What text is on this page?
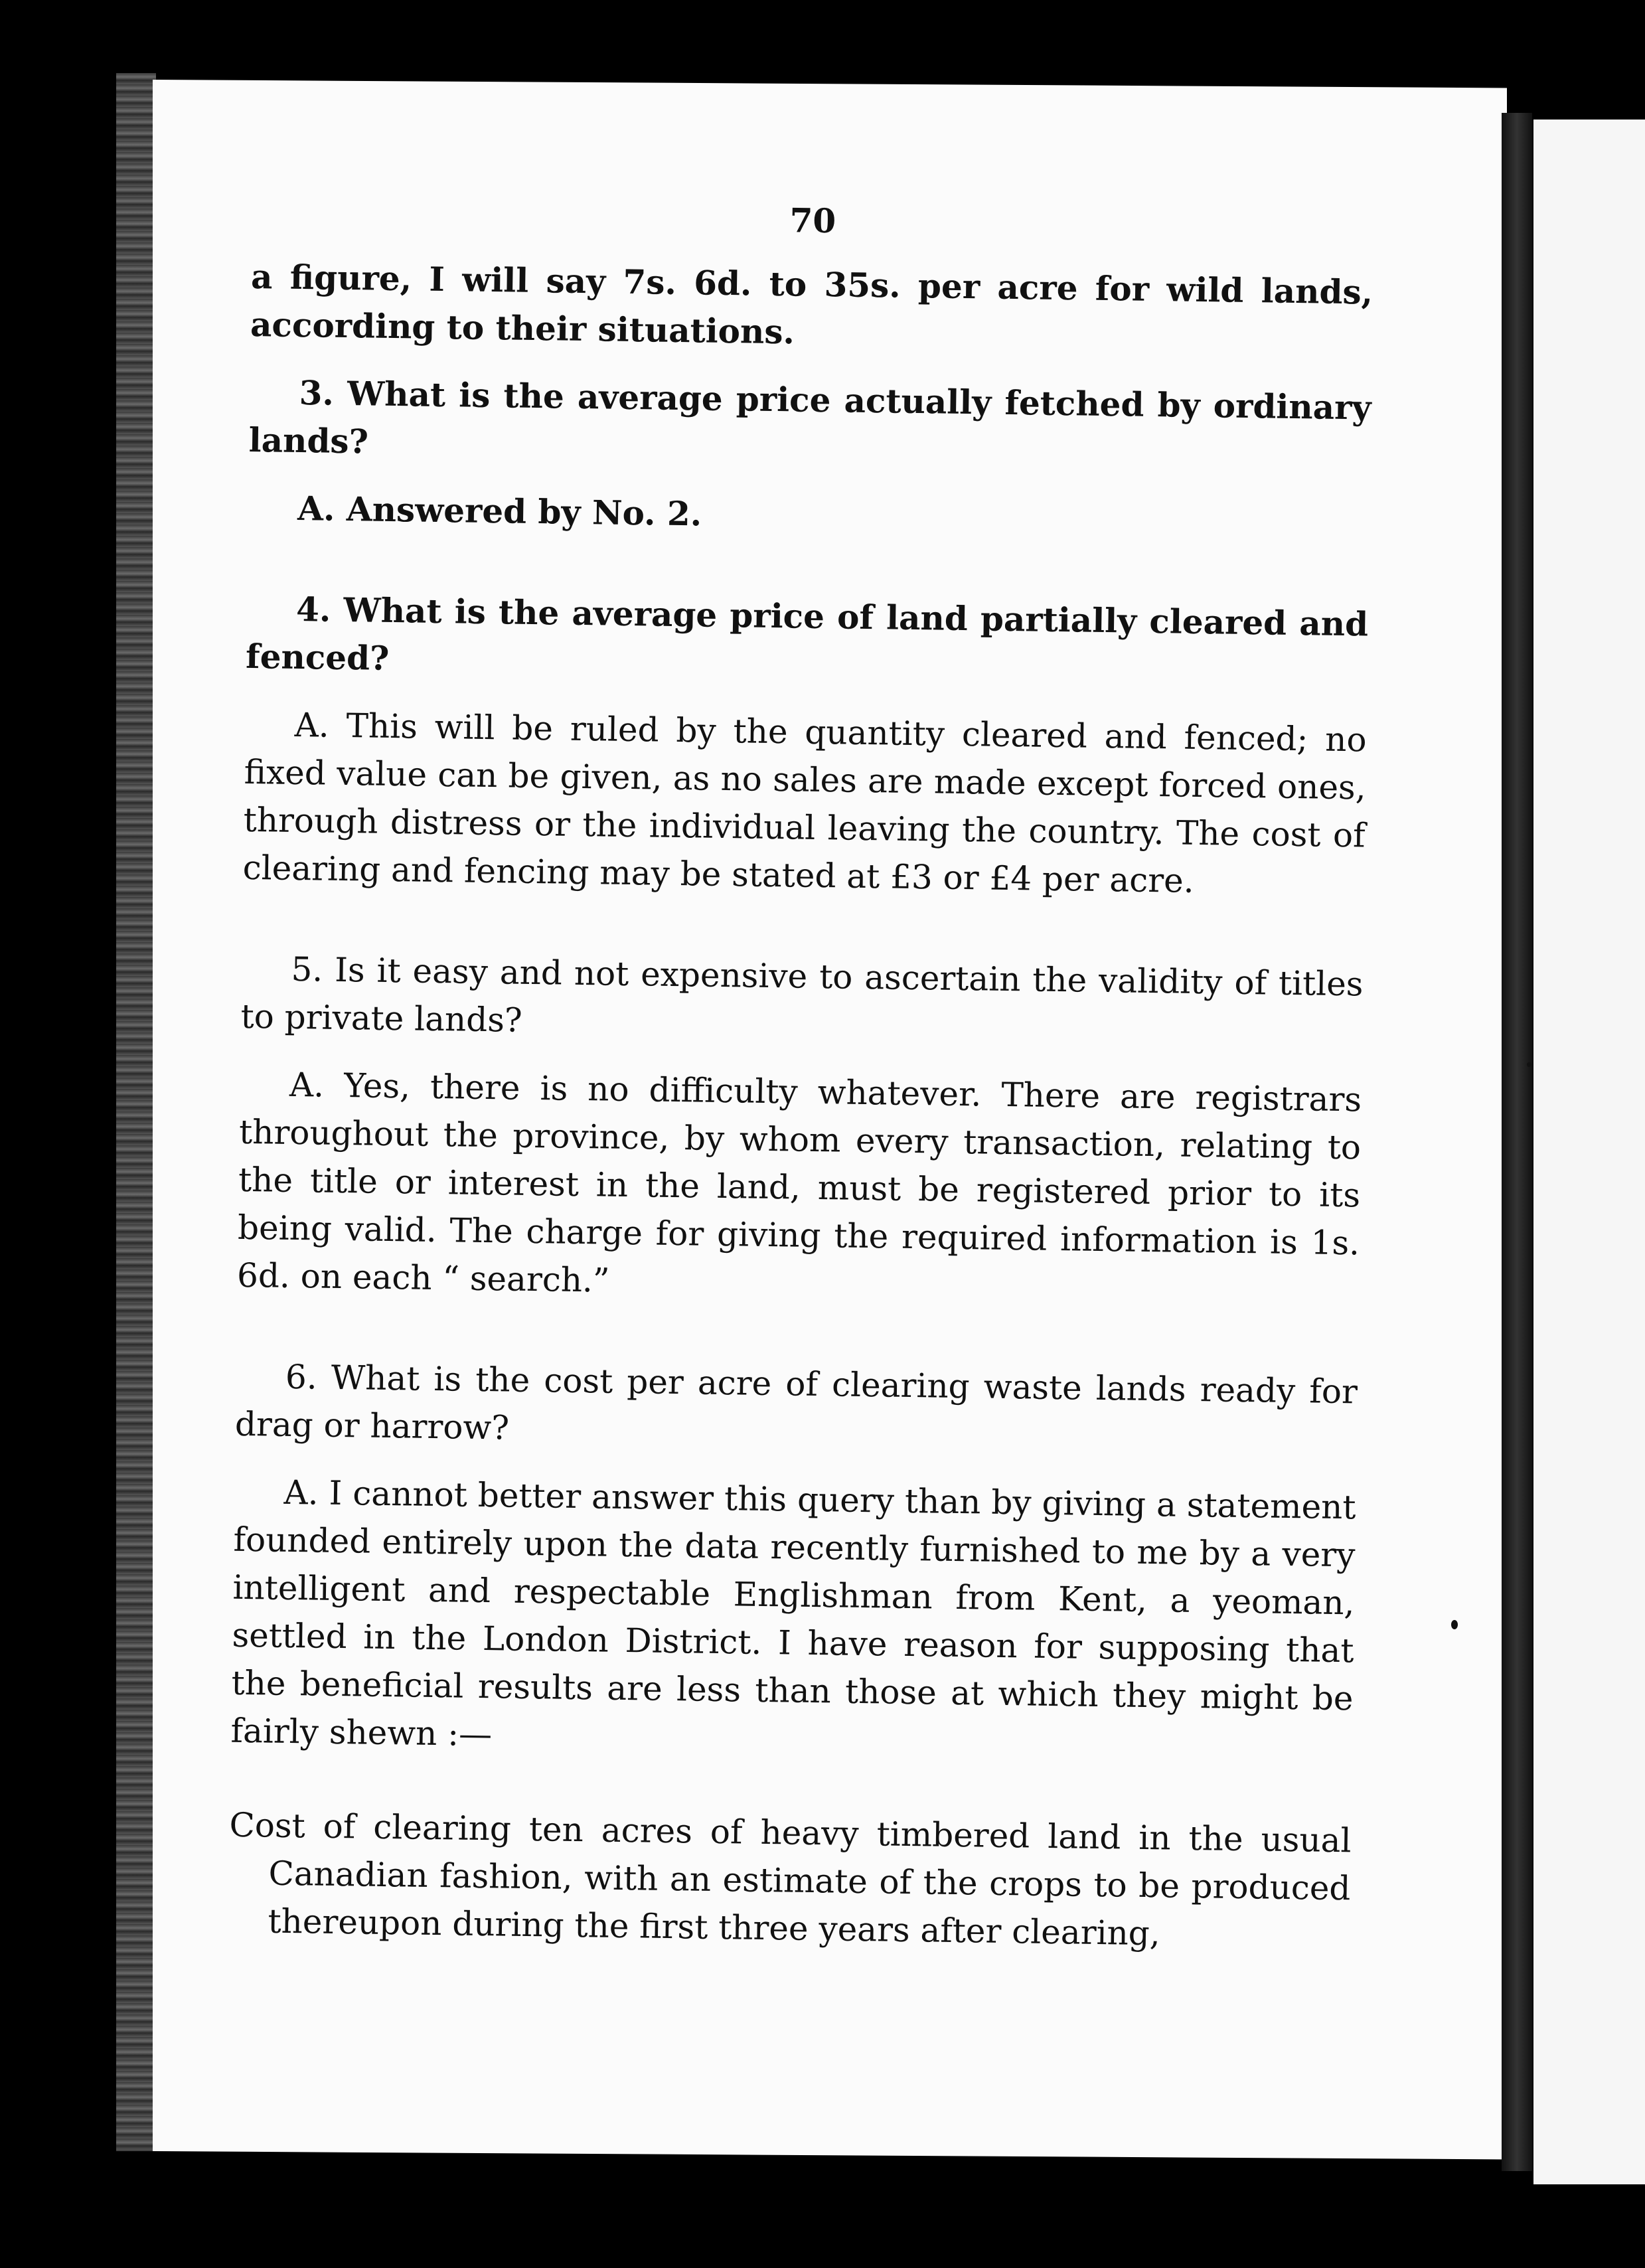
70

a figure, I will say 7s. 6d. to 35s. per acre for wild lands, according to their situations.

3. What is the average price actually fetched by ordinary lands?

A. Answered by No. 2.

4. What is the average price of land partially cleared and fenced?

A. This will be ruled by the quantity cleared and fenced; no fixed value can be given, as no sales are made except forced ones, through distress or the individual leaving the country. The cost of clearing and fencing may be stated at £3 or £4 per acre.

5. Is it easy and not expensive to ascertain the validity of titles to private lands?

A. Yes, there is no difficulty whatever. There are registrars throughout the province, by whom every transaction, relating to the title or interest in the land, must be registered prior to its being valid. The charge for giving the required information is 1s. 6d. on each “ search.”

6. What is the cost per acre of clearing waste lands ready for drag or harrow?

A. I cannot better answer this query than by giving a statement founded entirely upon the data recently furnished to me by a very intelligent and respectable Englishman from Kent, a yeoman, settled in the London District. I have reason for supposing that the beneficial results are less than those at which they might be fairly shewn :—

Cost of clearing ten acres of heavy timbered land in the usual Canadian fashion, with an estimate of the crops to be produced thereupon during the first three years after clearing,
